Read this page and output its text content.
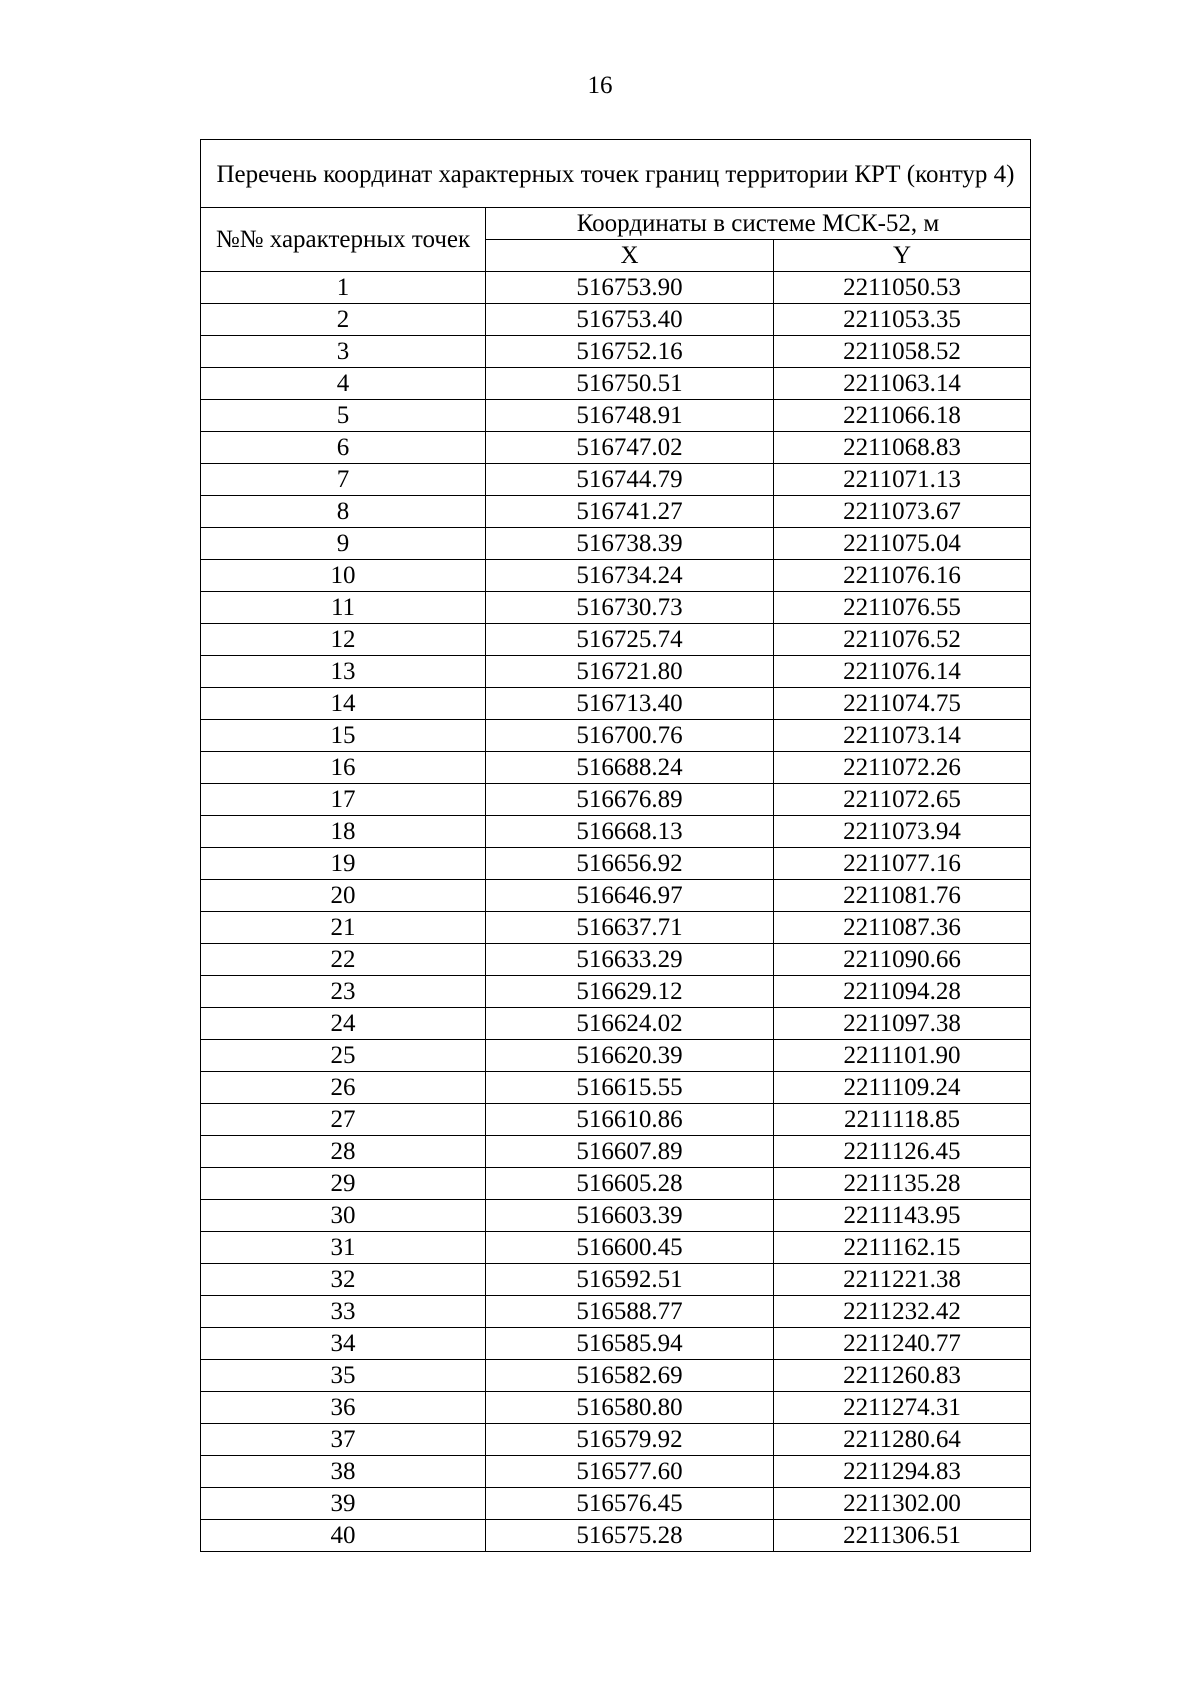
16
Перечень координат характерных точек границ территории КРТ (контур 4)		
№№ характерных точек	Координаты в системе МСК-52, м	
	X	Y
1	516753.90	2211050.53
2	516753.40	2211053.35
3	516752.16	2211058.52
4	516750.51	2211063.14
5	516748.91	2211066.18
6	516747.02	2211068.83
7	516744.79	2211071.13
8	516741.27	2211073.67
9	516738.39	2211075.04
10	516734.24	2211076.16
11	516730.73	2211076.55
12	516725.74	2211076.52
13	516721.80	2211076.14
14	516713.40	2211074.75
15	516700.76	2211073.14
16	516688.24	2211072.26
17	516676.89	2211072.65
18	516668.13	2211073.94
19	516656.92	2211077.16
20	516646.97	2211081.76
21	516637.71	2211087.36
22	516633.29	2211090.66
23	516629.12	2211094.28
24	516624.02	2211097.38
25	516620.39	2211101.90
26	516615.55	2211109.24
27	516610.86	2211118.85
28	516607.89	2211126.45
29	516605.28	2211135.28
30	516603.39	2211143.95
31	516600.45	2211162.15
32	516592.51	2211221.38
33	516588.77	2211232.42
34	516585.94	2211240.77
35	516582.69	2211260.83
36	516580.80	2211274.31
37	516579.92	2211280.64
38	516577.60	2211294.83
39	516576.45	2211302.00
40	516575.28	2211306.51
